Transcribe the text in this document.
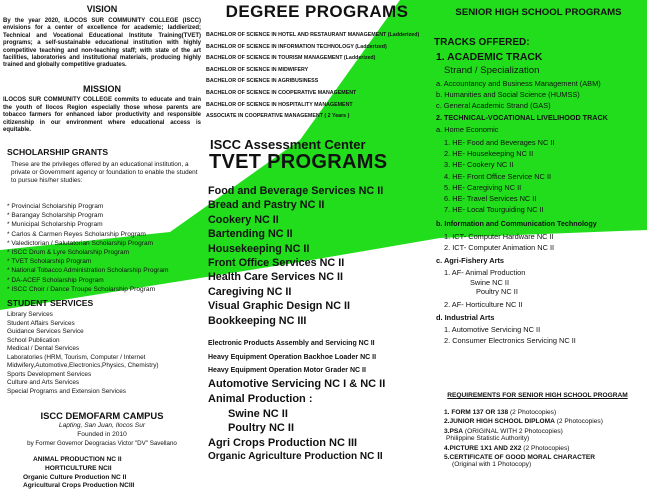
VISION

By the year 2020, ILOCOS SUR COMMUNITY COLLEGE (ISCC) envisions for a center of excellence for academic; laddierized; Technical and Vocational Educational Institute Training(TVET) programs; a self-sustainable educational institution with highly competitive teaching and non-teaching staff; with state of the art facilities, laboratories and institutional materials, producing highly trained and globally competitive graduates.

MISSION

ILOCOS SUR COMMUNITY COLLEGE commits to educate and train the youth of Ilocos Region especially those whose parents are tobacco farmers for enhanced labor productivity and responsible citizenship in our environment where educational access is equitable.

SCHOLARSHIP GRANTS

These are the privileges offered by an educational institution, a private or Government agency or foundation to enable the student to pursue his/her studies:

* Provincial Scholarship Program
* Barangay Scholarship Program
* Municipal Scholarship Program
* Carlos & Carmen Reyes Scholarship Program
* Valedictorian / Salutatorian Scholarship Program
* ISCC Drum & Lyre Scholarship Program
* TVET Scholarship Program
* National Tobacco Administration Scholarship Program
* DA-ACEF Scholarship Program
* ISCC Choir / Dance Troupe Scholarship Program
STUDENT SERVICES
Library Services
Student Affairs Services
Guidance Services Service
School Publication
Medical / Dental Services
Laboratories (HRM, Tourism, Computer / Internet
Midwifery,Automotive,Electronics,Physics, Chemistry)
Sports Development Services
Culture and Arts Services
Special Programs and Extension Services
ISCC DEMOFARM CAMPUS
Lapting, San Juan, Ilocos Sur
Founded in 2010
by Former Governor Deogracias Victor "DV" Savellano
ANIMAL PRODUCTION NC II
HORTICULTURE NCII
Organic Culture Production NC II
Agricultural Crops Production NCIII
DEGREE PROGRAMS
BACHELOR OF SCIENCE IN HOTEL AND RESTAURANT MANAGEMENT (Ladderized)
BACHELOR OF SCIENCE IN INFORMATION TECHNOLOGY (Ladderized)
BACHELOR OF SCIENCE IN TOURISM MANAGEMENT (Ladderized)
BACHELOR OF SCIENCE IN MIDWIFERY
BACHELOR OF SCIENCE IN AGRIBUSINESS
BACHELOR OF SCIENCE IN COOPERATIVE MANAGEMENT
BACHELOR OF SCIENCE IN HOSPITALITY MANAGEMENT
ASSOCIATE IN COOPERATIVE MANAGEMENT ( 2 Years )
ISCC Assessment Center
TVET PROGRAMS
Food and Beverage Services NC II
Bread and Pastry NC II
Cookery NC II
Bartending NC II
Housekeeping NC II
Front Office Services NC II
Health Care Services NC II
Caregiving NC II
Visual Graphic Design NC II
Bookkeeping NC III
Electronic Products Assembly and Servicing NC II
Heavy Equipment Operation Backhoe Loader NC II
Heavy Equipment Operation Motor Grader NC II
Automotive Servicing NC I & NC II
Animal Production :
Swine NC II
Poultry NC II
Agri Crops Production NC III
Organic Agriculture Production NC II
SENIOR HIGH SCHOOL PROGRAMS
TRACKS OFFERED:
1. ACADEMIC TRACK
Strand / Specialization
a. Accountancy and Business Management (ABM)
b. Humanities and Social Science (HUMSS)
c. General Academic Strand (GAS)
2. TECHNICAL-VOCATIONAL LIVELIHOOD TRACK
a. Home Economic
1. HE- Food and Beverages NC II
2. HE- Housekeeping NC II
3. HE- Cookery NC II
4. HE- Front Office Service NC II
5. HE- Caregiving NC II
6. HE- Travel Services NC II
7. HE- Local Tourguiding NC II
b. Information and Communication Technology
1. ICT- Computer Hardware NC II
2. ICT- Computer Animation NC II
c. Agri-Fishery Arts
1. AF- Animal Production
Swine NC II
Poultry NC II
2. AF- Horticulture NC II
d. Industrial Arts
1. Automotive Servicing NC II
2. Consumer Electronics Servicing NC II
REQUIREMENTS FOR SENIOR HIGH SCHOOL PROGRAM
1. FORM 137 OR 138 (2 Photocopies)
2.JUNIOR HIGH SCHOOL DIPLOMA (2 Photocopies)
3.PSA (ORIGINAL WITH 2 Photocopies)
Philippine Statistic Authority)
4.PICTURE 1X1 AND 2X2 (2 Photocopies)
5.CERTIFICATE OF GOOD MORAL CHARACTER
(Original with 1 Photocopy)
